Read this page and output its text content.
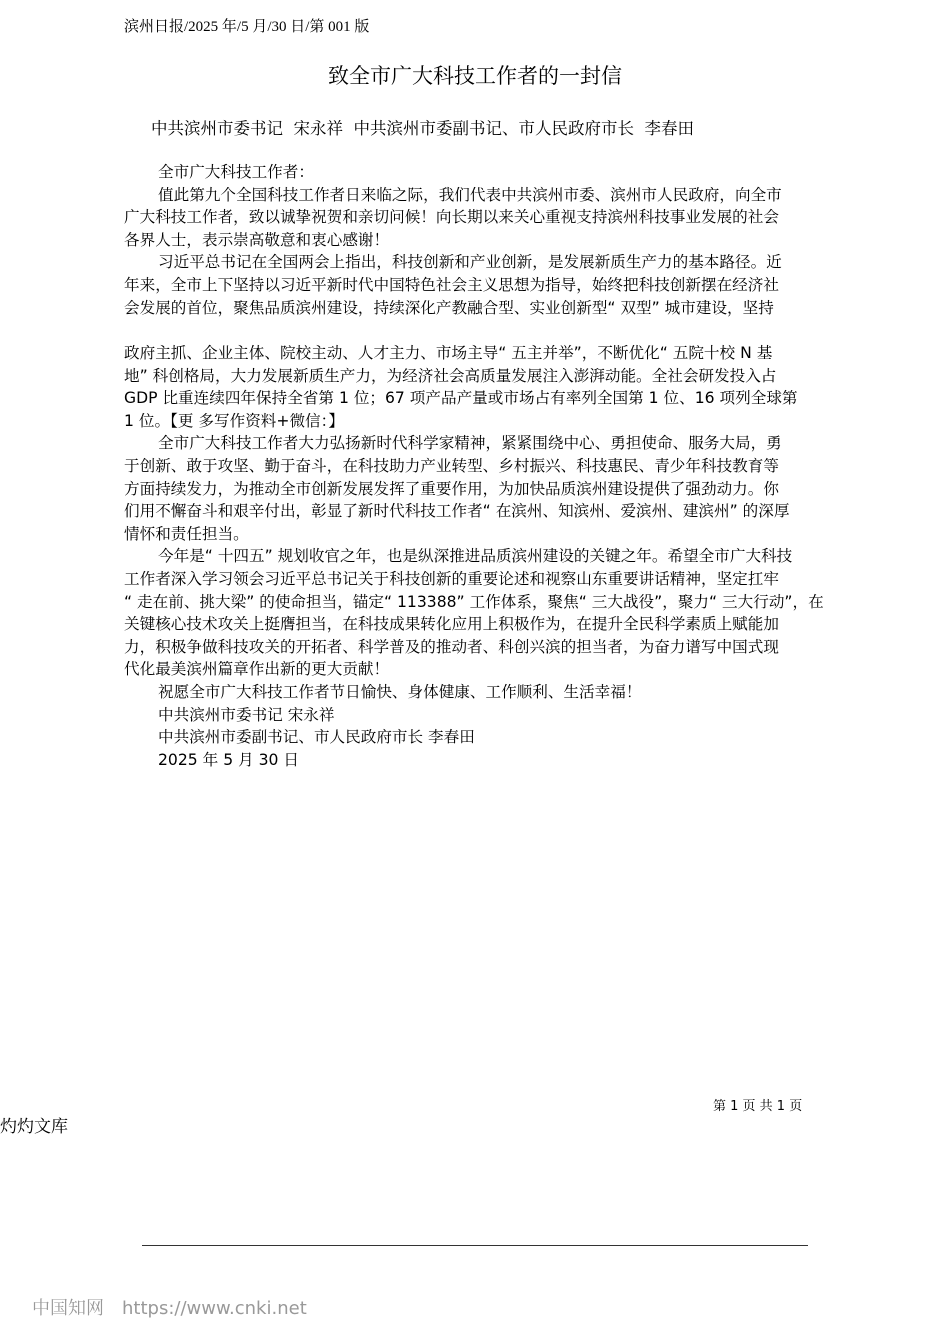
滨州日报/2025 年/5 月/30 日/第 001 版
致全市广大科技工作者的一封信
中共滨州市委书记  宋永祥  中共滨州市委副书记、市人民政府市长  李春田
全市广大科技工作者：
值此第九个全国科技工作者日来临之际，我们代表中共滨州市委、滨州市人民政府，向全市
广大科技工作者，致以诚挚祝贺和亲切问候！向长期以来关心重视支持滨州科技事业发展的社会
各界人士，表示崇高敬意和衷心感谢！
习近平总书记在全国两会上指出，科技创新和产业创新，是发展新质生产力的基本路径。近
年来，全市上下坚持以习近平新时代中国特色社会主义思想为指导，始终把科技创新摆在经济社
会发展的首位，聚焦品质滨州建设，持续深化产教融合型、实业创新型“ 双型” 城市建设，坚持
政府主抓、企业主体、院校主动、人才主力、市场主导“ 五主并举”，不断优化“ 五院十校 N 基
地” 科创格局，大力发展新质生产力，为经济社会高质量发展注入澎湃动能。全社会研发投入占
GDP 比重连续四年保持全省第 1 位；67 项产品产量或市场占有率列全国第 1 位、16 项列全球第
1 位。【更 多写作资料+微信：】
全市广大科技工作者大力弘扬新时代科学家精神，紧紧围绕中心、勇担使命、服务大局，勇
于创新、敢于攻坚、勤于奋斗，在科技助力产业转型、乡村振兴、科技惠民、青少年科技教育等
方面持续发力，为推动全市创新发展发挥了重要作用，为加快品质滨州建设提供了强劲动力。你
们用不懈奋斗和艰辛付出，彰显了新时代科技工作者“ 在滨州、知滨州、爱滨州、建滨州” 的深厚
情怀和责任担当。
今年是“ 十四五” 规划收官之年，也是纵深推进品质滨州建设的关键之年。希望全市广大科技
工作者深入学习领会习近平总书记关于科技创新的重要论述和视察山东重要讲话精神，坚定扛牢
“ 走在前、挑大梁” 的使命担当，锚定“ 113388” 工作体系，聚焦“ 三大战役”，聚力“ 三大行动”，在
关键核心技术攻关上挺膺担当，在科技成果转化应用上积极作为，在提升全民科学素质上赋能加
力，积极争做科技攻关的开拓者、科学普及的推动者、科创兴滨的担当者，为奋力谱写中国式现
代化最美滨州篇章作出新的更大贡献！
祝愿全市广大科技工作者节日愉快、身体健康、工作顺利、生活幸福！
中共滨州市委书记 宋永祥
中共滨州市委副书记、市人民政府市长 李春田
2025 年 5 月 30 日
第 1 页 共 1 页
灼灼文库
中国知网 https://www.cnki.net
